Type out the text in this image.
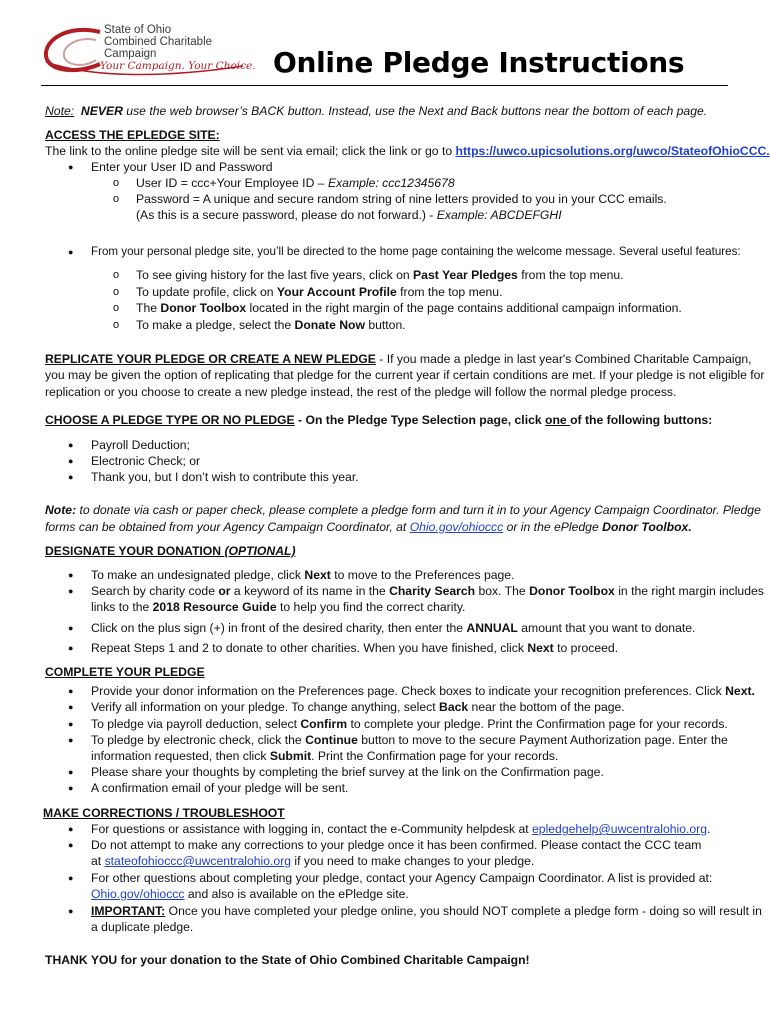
State of Ohio
Combined Charitable Campaign
Your Campaign. Your Choice. Online Pledge Instructions
Note: NEVER use the web browser’s BACK button. Instead, use the Next and Back buttons near the bottom of each page.
ACCESS THE EPLEDGE SITE:
The link to the online pledge site will be sent via email; click the link or go to https://uwco.upicsolutions.org/uwco/StateofOhioCCC.
● Enter your User ID and Password
o User ID = ccc+Your Employee ID – Example: ccc12345678
o Password = A unique and secure random string of nine letters provided to you in your CCC emails.
(As this is a secure password, please do not forward.) - Example: ABCDEFGHI
● From your personal pledge site, you’ll be directed to the home page containing the welcome message. Several useful features:
o To see giving history for the last five years, click on Past Year Pledges from the top menu.
o To update profile, click on Your Account Profile from the top menu.
o The Donor Toolbox located in the right margin of the page contains additional campaign information.
o To make a pledge, select the Donate Now button.
REPLICATE YOUR PLEDGE OR CREATE A NEW PLEDGE - If you made a pledge in last year's Combined Charitable Campaign,
you may be given the option of replicating that pledge for the current year if certain conditions are met. If your pledge is not eligible for
replication or you choose to create a new pledge instead, the rest of the pledge will follow the normal pledge process.
CHOOSE A PLEDGE TYPE OR NO PLEDGE - On the Pledge Type Selection page, click one of the following buttons:
● Payroll Deduction;
● Electronic Check; or
● Thank you, but I don’t wish to contribute this year.
Note: to donate via cash or paper check, please complete a pledge form and turn it in to your Agency Campaign Coordinator. Pledge
forms can be obtained from your Agency Campaign Coordinator, at Ohio.gov/ohioccc or in the ePledge Donor Toolbox.
DESIGNATE YOUR DONATION (OPTIONAL)
● To make an undesignated pledge, click Next to move to the Preferences page.
● Search by charity code or a keyword of its name in the Charity Search box. The Donor Toolbox in the right margin includes
links to the 2018 Resource Guide to help you find the correct charity.
● Click on the plus sign (+) in front of the desired charity, then enter the ANNUAL amount that you want to donate.
● Repeat Steps 1 and 2 to donate to other charities. When you have finished, click Next to proceed.
COMPLETE YOUR PLEDGE
● Provide your donor information on the Preferences page. Check boxes to indicate your recognition preferences. Click Next.
● Verify all information on your pledge. To change anything, select Back near the bottom of the page.
● To pledge via payroll deduction, select Confirm to complete your pledge. Print the Confirmation page for your records.
● To pledge by electronic check, click the Continue button to move to the secure Payment Authorization page. Enter the
information requested, then click Submit. Print the Confirmation page for your records.
● Please share your thoughts by completing the brief survey at the link on the Confirmation page.
● A confirmation email of your pledge will be sent.
MAKE CORRECTIONS / TROUBLESHOOT
● For questions or assistance with logging in, contact the e-Community helpdesk at epledgehelp@uwcentralohio.org.
● Do not attempt to make any corrections to your pledge once it has been confirmed. Please contact the CCC team
at stateofohioccc@uwcentralohio.org if you need to make changes to your pledge.
● For other questions about completing your pledge, contact your Agency Campaign Coordinator. A list is provided at:
Ohio.gov/ohioccc and also is available on the ePledge site.
● IMPORTANT: Once you have completed your pledge online, you should NOT complete a pledge form - doing so will result in
a duplicate pledge.
THANK YOU for your donation to the State of Ohio Combined Charitable Campaign!
